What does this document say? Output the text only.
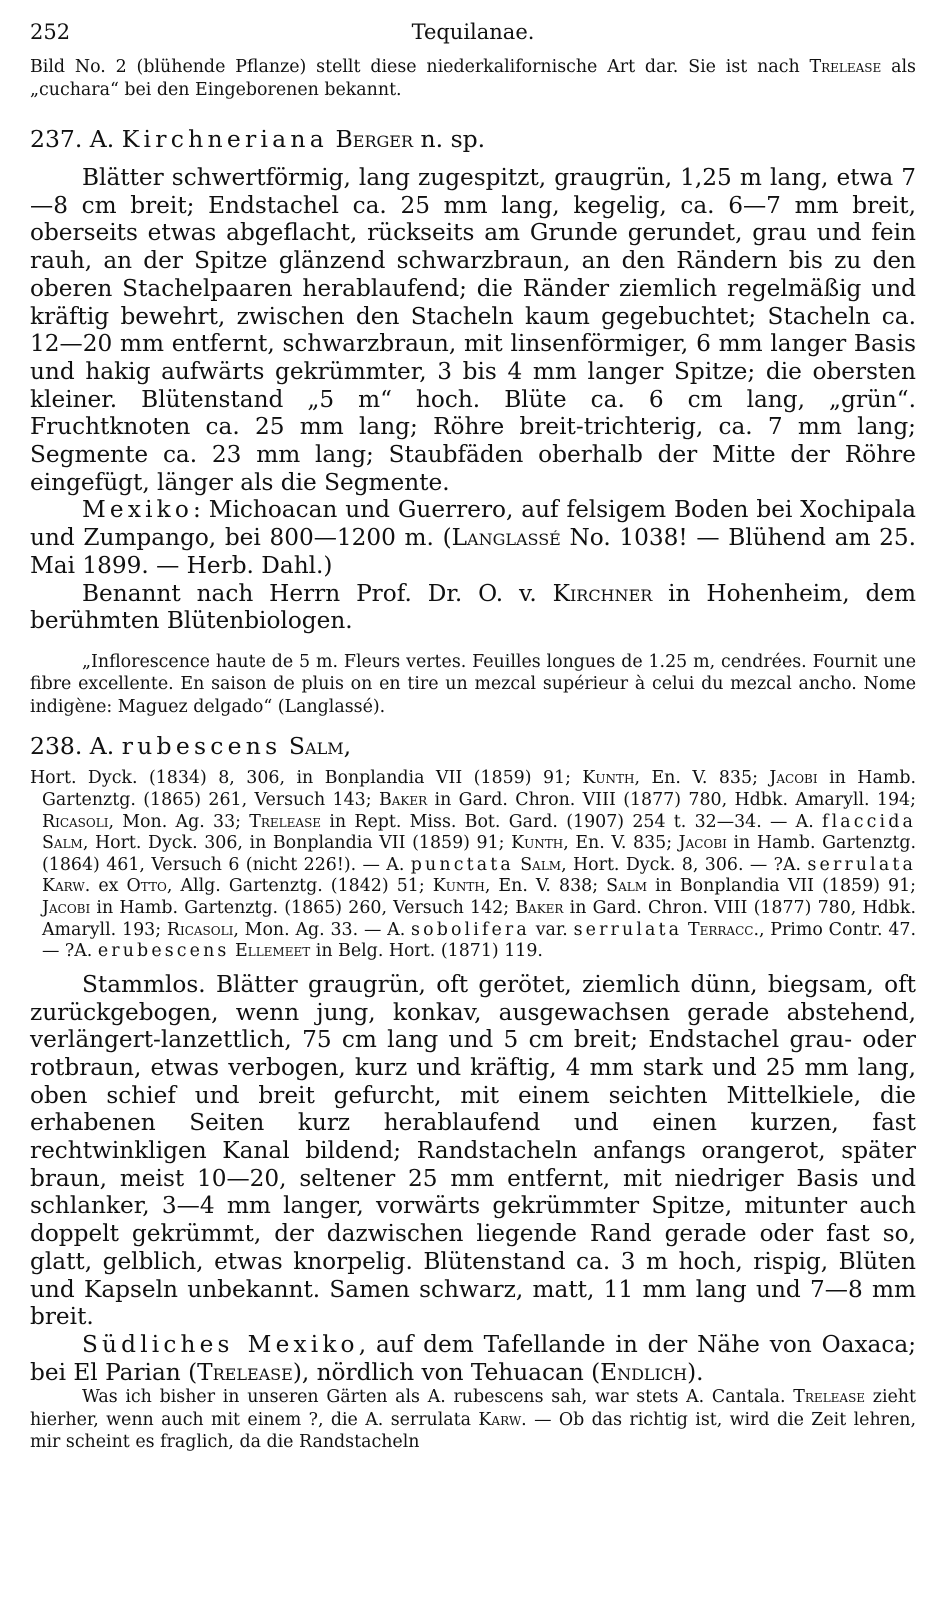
252	Tequilanae.

Bild No. 2 (blühende Pflanze) stellt diese niederkalifornische Art dar. Sie ist nach Trelease als „cuchara“ bei den Eingeborenen bekannt.

237. A. Kirchneriana Berger n. sp.

Blätter schwertförmig, lang zugespitzt, graugrün, 1,25 m lang, etwa 7—8 cm breit; Endstachel ca. 25 mm lang, kegelig, ca. 6—7 mm breit, oberseits etwas abgeflacht, rückseits am Grunde gerundet, grau und fein rauh, an der Spitze glänzend schwarzbraun, an den Rändern bis zu den oberen Stachelpaaren herablaufend; die Ränder ziemlich regelmäßig und kräftig bewehrt, zwischen den Stacheln kaum gegebuchtet; Stacheln ca. 12—20 mm entfernt, schwarzbraun, mit linsenförmiger, 6 mm langer Basis und hakig aufwärts gekrümmter, 3 bis 4 mm langer Spitze; die obersten kleiner. Blütenstand „5 m“ hoch. Blüte ca. 6 cm lang, „grün“. Fruchtknoten ca. 25 mm lang; Röhre breit-trichterig, ca. 7 mm lang; Segmente ca. 23 mm lang; Staubfäden oberhalb der Mitte der Röhre eingefügt, länger als die Segmente.

Mexiko: Michoacan und Guerrero, auf felsigem Boden bei Xochipala und Zumpango, bei 800—1200 m. (Langlassé No. 1038! — Blühend am 25. Mai 1899. — Herb. Dahl.)

Benannt nach Herrn Prof. Dr. O. v. Kirchner in Hohenheim, dem berühmten Blütenbiologen.

„Inflorescence haute de 5 m. Fleurs vertes. Feuilles longues de 1.25 m, cendrées. Fournit une fibre excellente. En saison de pluis on en tire un mezcal supérieur à celui du mezcal ancho. Nome indigène: Maguez delgado“ (Langlassé).

238. A. rubescens Salm,

Hort. Dyck. (1834) 8, 306, in Bonplandia VII (1859) 91; Kunth, En. V. 835; Jacobi in Hamb. Gartenztg. (1865) 261, Versuch 143; Baker in Gard. Chron. VIII (1877) 780, Hdbk. Amaryll. 194; Ricasoli, Mon. Ag. 33; Trelease in Rept. Miss. Bot. Gard. (1907) 254 t. 32—34. — A. flaccida Salm, Hort. Dyck. 306, in Bonplandia VII (1859) 91; Kunth, En. V. 835; Jacobi in Hamb. Gartenztg. (1864) 461, Versuch 6 (nicht 226!). — A. punctata Salm, Hort. Dyck. 8, 306. — ?A. serrulata Karw. ex Otto, Allg. Gartenztg. (1842) 51; Kunth, En. V. 838; Salm in Bonplandia VII (1859) 91; Jacobi in Hamb. Gartenztg. (1865) 260, Versuch 142; Baker in Gard. Chron. VIII (1877) 780, Hdbk. Amaryll. 193; Ricasoli, Mon. Ag. 33. — A. sobolifera var. serrulata Terracc., Primo Contr. 47. — ?A. erubescens Ellemeet in Belg. Hort. (1871) 119.

Stammlos. Blätter graugrün, oft gerötet, ziemlich dünn, biegsam, oft zurückgebogen, wenn jung, konkav, ausgewachsen gerade abstehend, verlängert-lanzettlich, 75 cm lang und 5 cm breit; Endstachel grau- oder rotbraun, etwas verbogen, kurz und kräftig, 4 mm stark und 25 mm lang, oben schief und breit gefurcht, mit einem seichten Mittelkiele, die erhabenen Seiten kurz herablaufend und einen kurzen, fast rechtwinkligen Kanal bildend; Randstacheln anfangs orangerot, später braun, meist 10—20, seltener 25 mm entfernt, mit niedriger Basis und schlanker, 3—4 mm langer, vorwärts gekrümmter Spitze, mitunter auch doppelt gekrümmt, der dazwischen liegende Rand gerade oder fast so, glatt, gelblich, etwas knorpelig. Blütenstand ca. 3 m hoch, rispig, Blüten und Kapseln unbekannt. Samen schwarz, matt, 11 mm lang und 7—8 mm breit.

Südliches Mexiko, auf dem Tafellande in der Nähe von Oaxaca; bei El Parian (Trelease), nördlich von Tehuacan (Endlich).

Was ich bisher in unseren Gärten als A. rubescens sah, war stets A. Cantala. Trelease zieht hierher, wenn auch mit einem ?, die A. serrulata Karw. — Ob das richtig ist, wird die Zeit lehren, mir scheint es fraglich, da die Randstacheln
